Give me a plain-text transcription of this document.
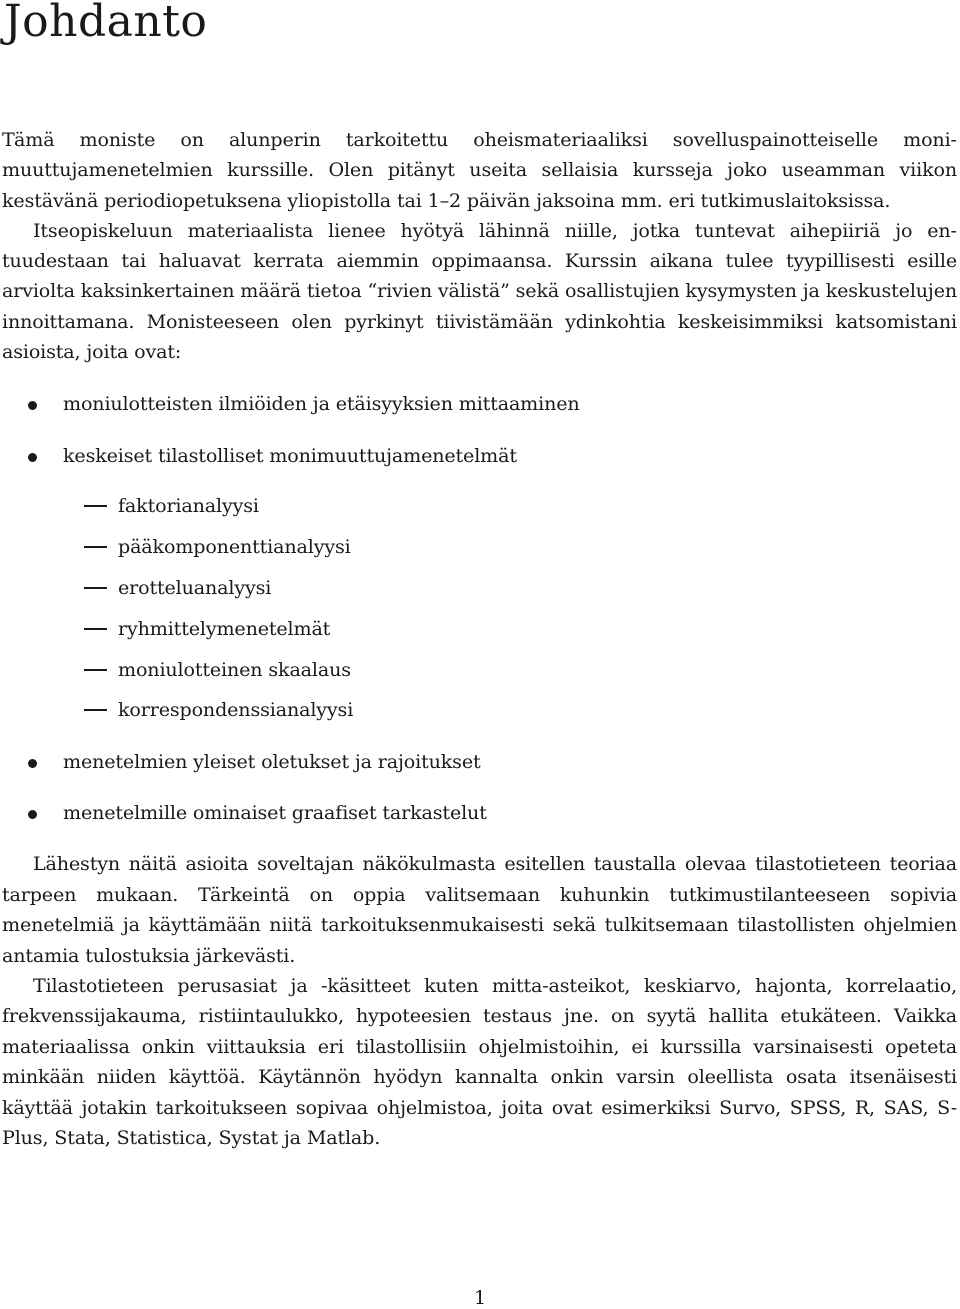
Johdanto

Tämä moniste on alunperin tarkoitettu oheismateriaaliksi sovelluspainotteiselle monimuuttujamenetelmien kurssille. Olen pitänyt useita sellaisia kursseja joko useamman viikon kestävänä periodiopetuksena yliopistolla tai 1–2 päivän jaksoina mm. eri tutkimuslaitoksissa.

Itseopiskeluun materiaalista lienee hyötyä lähinnä niille, jotka tuntevat aihepiiriä jo entuudestaan tai haluavat kerrata aiemmin oppimaansa. Kurssin aikana tulee tyypillisesti esille arviolta kaksinkertainen määrä tietoa “rivien välistä” sekä osallistujien kysymysten ja keskustelujen innoittamana. Monisteeseen olen pyrkinyt tiivistämään ydinkohtia keskeisimmiksi katsomistani asioista, joita ovat:

moniulotteisten ilmiöiden ja etäisyyksien mittaaminen
keskeiset tilastolliset monimuuttujamenetelmät
faktorianalyysi
pääkomponenttianalyysi
erotteluanalyysi
ryhmittelymenetelmät
moniulotteinen skaalaus
korrespondenssianalyysi
menetelmien yleiset oletukset ja rajoitukset
menetelmille ominaiset graafiset tarkastelut

Lähestyn näitä asioita soveltajan näkökulmasta esitellen taustalla olevaa tilastotieteen teoriaa tarpeen mukaan. Tärkeintä on oppia valitsemaan kuhunkin tutkimustilanteeseen sopivia menetelmiä ja käyttämään niitä tarkoituksenmukaisesti sekä tulkitsemaan tilastollisten ohjelmien antamia tulostuksia järkevästi.

Tilastotieteen perusasiat ja -käsitteet kuten mitta-asteikot, keskiarvo, hajonta, korrelaatio, frekvenssijakauma, ristiintaulukko, hypoteesien testaus jne. on syytä hallita etukäteen. Vaikka materiaalissa onkin viittauksia eri tilastollisiin ohjelmistoihin, ei kurssilla varsinaisesti opeteta minkään niiden käyttöä. Käytännön hyödyn kannalta onkin varsin oleellista osata itsenäisesti käyttää jotakin tarkoitukseen sopivaa ohjelmistoa, joita ovat esimerkiksi Survo, SPSS, R, SAS, S-Plus, Stata, Statistica, Systat ja Matlab.

1
